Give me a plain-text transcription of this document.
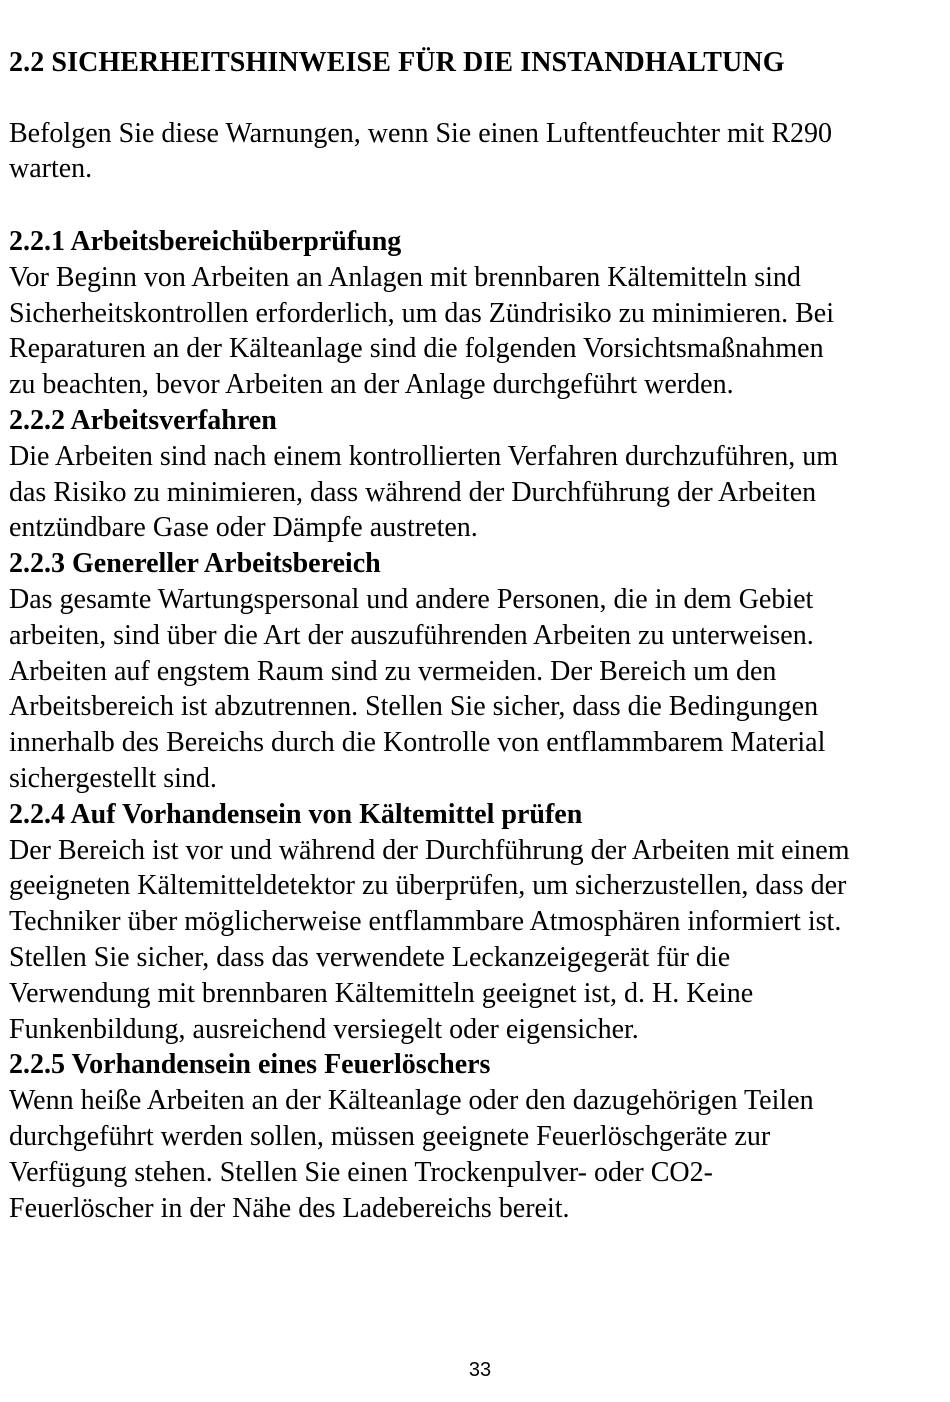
2.2 SICHERHEITSHINWEISE FÜR DIE INSTANDHALTUNG

Befolgen Sie diese Warnungen, wenn Sie einen Luftentfeuchter mit R290
warten.

2.2.1 Arbeitsbereichüberprüfung

Vor Beginn von Arbeiten an Anlagen mit brennbaren Kältemitteln sind
Sicherheitskontrollen erforderlich, um das Zündrisiko zu minimieren. Bei
Reparaturen an der Kälteanlage sind die folgenden Vorsichtsmaßnahmen
zu beachten, bevor Arbeiten an der Anlage durchgeführt werden.

2.2.2 Arbeitsverfahren

Die Arbeiten sind nach einem kontrollierten Verfahren durchzuführen, um
das Risiko zu minimieren, dass während der Durchführung der Arbeiten
entzündbare Gase oder Dämpfe austreten.

2.2.3 Genereller Arbeitsbereich

Das gesamte Wartungspersonal und andere Personen, die in dem Gebiet
arbeiten, sind über die Art der auszuführenden Arbeiten zu unterweisen.
Arbeiten auf engstem Raum sind zu vermeiden. Der Bereich um den
Arbeitsbereich ist abzutrennen. Stellen Sie sicher, dass die Bedingungen
innerhalb des Bereichs durch die Kontrolle von entflammbarem Material
sichergestellt sind.

2.2.4 Auf Vorhandensein von Kältemittel prüfen

Der Bereich ist vor und während der Durchführung der Arbeiten mit einem
geeigneten Kältemitteldetektor zu überprüfen, um sicherzustellen, dass der
Techniker über möglicherweise entflammbare Atmosphären informiert ist.
Stellen Sie sicher, dass das verwendete Leckanzeigegerät für die
Verwendung mit brennbaren Kältemitteln geeignet ist, d. H. Keine
Funkenbildung, ausreichend versiegelt oder eigensicher.

2.2.5 Vorhandensein eines Feuerlöschers

Wenn heiße Arbeiten an der Kälteanlage oder den dazugehörigen Teilen
durchgeführt werden sollen, müssen geeignete Feuerlöschgeräte zur
Verfügung stehen. Stellen Sie einen Trockenpulver- oder CO2-
Feuerlöscher in der Nähe des Ladebereichs bereit.

33
